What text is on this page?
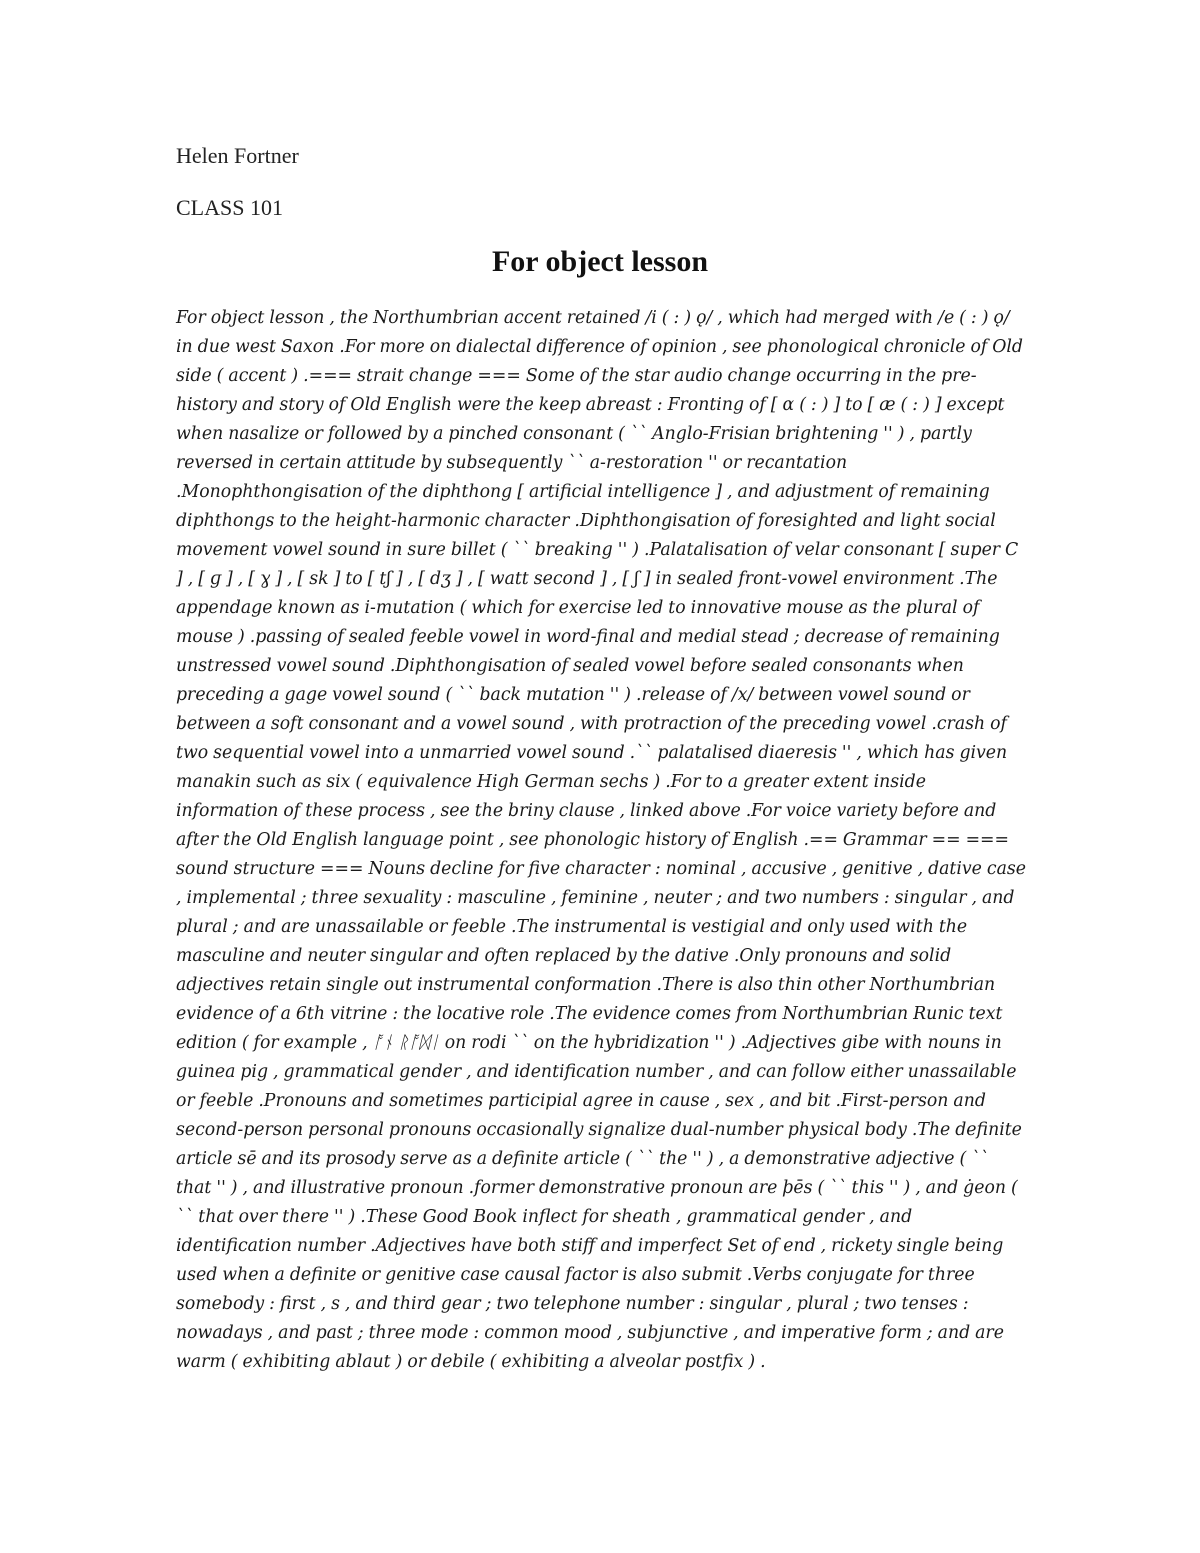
Helen Fortner

CLASS 101

For object lesson

For object lesson , the Northumbrian accent retained /i ( : ) ǫ/ , which had merged with /e ( : ) ǫ/ in due west Saxon .For more on dialectal difference of opinion , see phonological chronicle of Old side ( accent ) .=== strait change === Some of the star audio change occurring in the pre-history and story of Old English were the keep abreast : Fronting of [ ɑ ( : ) ] to [ æ ( : ) ] except when nasalize or followed by a pinched consonant ( `` Anglo-Frisian brightening '' ) , partly reversed in certain attitude by subsequently `` a-restoration '' or recantation .Monophthongisation of the diphthong [ artificial intelligence ] , and adjustment of remaining diphthongs to the height-harmonic character .Diphthongisation of foresighted and light social movement vowel sound in sure billet ( `` breaking '' ) .Palatalisation of velar consonant [ super C ] , [ ɡ ] , [ ɣ ] , [ sk ] to [ tʃ ] , [ dʒ ] , [ watt second ] , [ ʃ ] in sealed front-vowel environment .The appendage known as i-mutation ( which for exercise led to innovative mouse as the plural of mouse ) .passing of sealed feeble vowel in word-final and medial stead ; decrease of remaining unstressed vowel sound .Diphthongisation of sealed vowel before sealed consonants when preceding a gage vowel sound ( `` back mutation '' ) .release of /x/ between vowel sound or between a soft consonant and a vowel sound , with protraction of the preceding vowel .crash of two sequential vowel into a unmarried vowel sound .`` palatalised diaeresis '' , which has given manakin such as six ( equivalence High German sechs ) .For to a greater extent inside information of these process , see the briny clause , linked above .For voice variety before and after the Old English language point , see phonologic history of English .== Grammar == === sound structure === Nouns decline for five character : nominal , accusive , genitive , dative case , implemental ; three sexuality : masculine , feminine , neuter ; and two numbers : singular , and plural ; and are unassailable or feeble .The instrumental is vestigial and only used with the masculine and neuter singular and often replaced by the dative .Only pronouns and solid adjectives retain single out instrumental conformation .There is also thin other Northumbrian evidence of a 6th vitrine : the locative role .The evidence comes from Northumbrian Runic text edition ( for example , ᚩᚾ ᚱᚩᛞᛁ on rodi `` on the hybridization '' ) .Adjectives gibe with nouns in guinea pig , grammatical gender , and identification number , and can follow either unassailable or feeble .Pronouns and sometimes participial agree in cause , sex , and bit .First-person and second-person personal pronouns occasionally signalize dual-number physical body .The definite article sē and its prosody serve as a definite article ( `` the '' ) , a demonstrative adjective ( `` that '' ) , and illustrative pronoun .former demonstrative pronoun are þēs ( `` this '' ) , and ġeon ( `` that over there '' ) .These Good Book inflect for sheath , grammatical gender , and identification number .Adjectives have both stiff and imperfect Set of end , rickety single being used when a definite or genitive case causal factor is also submit .Verbs conjugate for three somebody : first , s , and third gear ; two telephone number : singular , plural ; two tenses : nowadays , and past ; three mode : common mood , subjunctive , and imperative form ; and are warm ( exhibiting ablaut ) or debile ( exhibiting a alveolar postfix ) .
